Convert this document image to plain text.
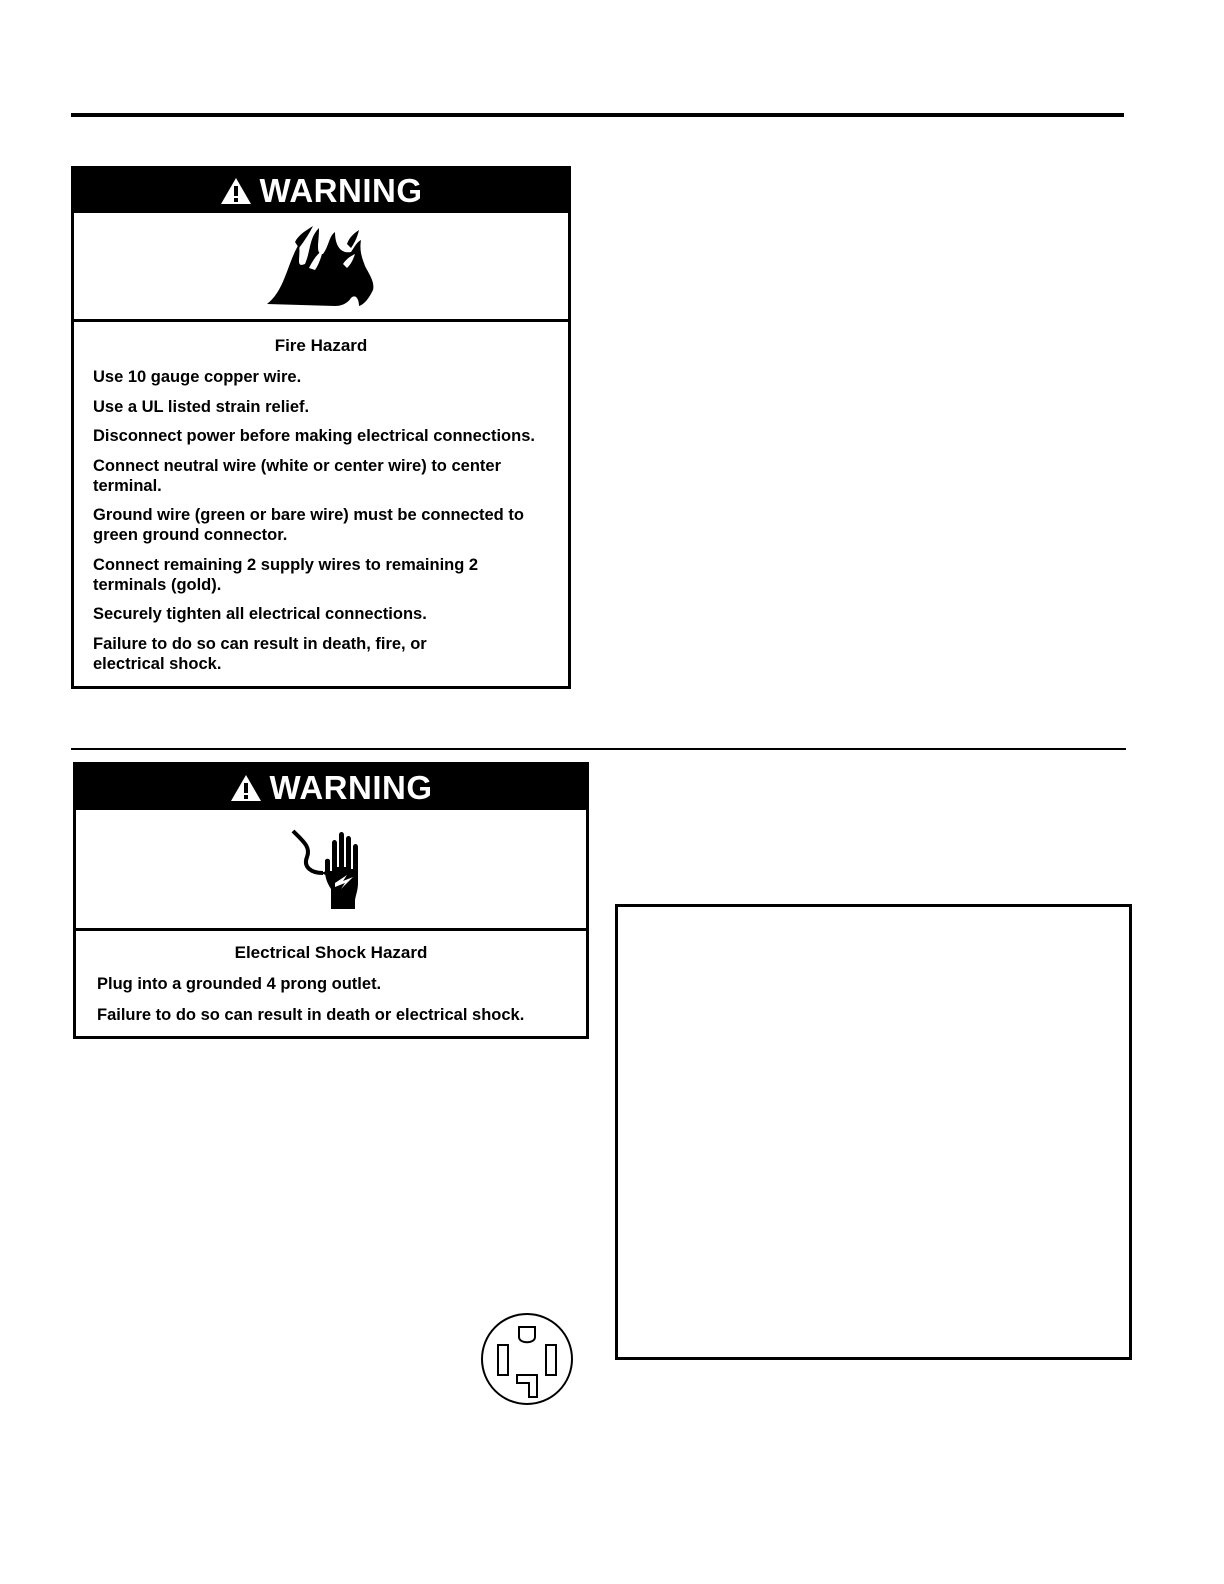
WARNING
Fire Hazard
Use 10 gauge copper wire.
Use a UL listed strain relief.
Disconnect power before making electrical connections.
Connect neutral wire (white or center wire) to center terminal.
Ground wire (green or bare wire) must be connected to green ground connector.
Connect remaining 2 supply wires to remaining 2 terminals (gold).
Securely tighten all electrical connections.
Failure to do so can result in death, fire, or electrical shock.
WARNING
Electrical Shock Hazard
Plug into a grounded 4 prong outlet.
Failure to do so can result in death or electrical shock.
